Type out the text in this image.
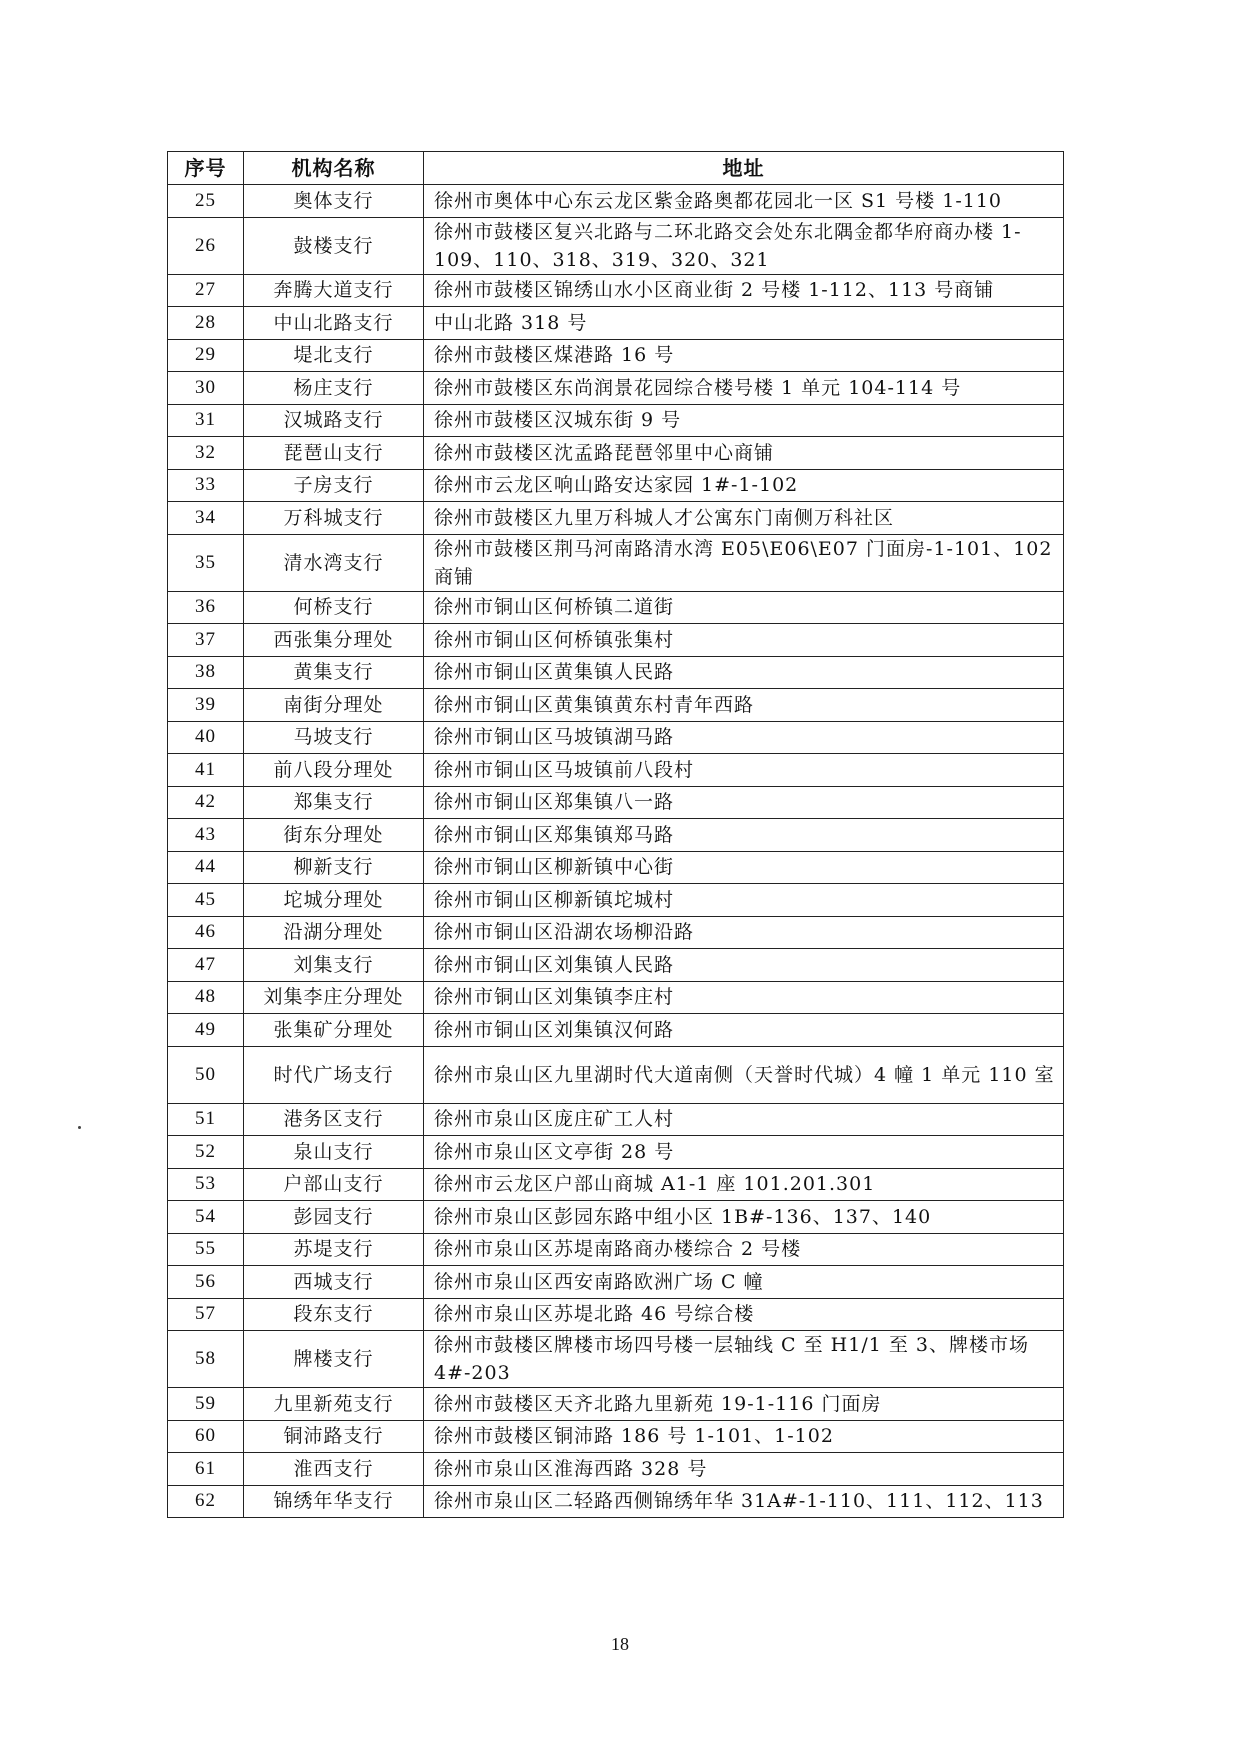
序号	机构名称	地址
25	奥体支行	徐州市奥体中心东云龙区紫金路奥都花园北一区 S1 号楼 1-110
26	鼓楼支行	徐州市鼓楼区复兴北路与二环北路交会处东北隅金都华府商办楼 1-109、110、318、319、320、321
27	奔腾大道支行	徐州市鼓楼区锦绣山水小区商业街 2 号楼 1-112、113 号商铺
28	中山北路支行	中山北路 318 号
29	堤北支行	徐州市鼓楼区煤港路 16 号
30	杨庄支行	徐州市鼓楼区东尚润景花园综合楼号楼 1 单元 104-114 号
31	汉城路支行	徐州市鼓楼区汉城东街 9 号
32	琵琶山支行	徐州市鼓楼区沈孟路琵琶邻里中心商铺
33	子房支行	徐州市云龙区响山路安达家园 1#-1-102
34	万科城支行	徐州市鼓楼区九里万科城人才公寓东门南侧万科社区
35	清水湾支行	徐州市鼓楼区荆马河南路清水湾 E05\E06\E07 门面房-1-101、102 商铺
36	何桥支行	徐州市铜山区何桥镇二道街
37	西张集分理处	徐州市铜山区何桥镇张集村
38	黄集支行	徐州市铜山区黄集镇人民路
39	南街分理处	徐州市铜山区黄集镇黄东村青年西路
40	马坡支行	徐州市铜山区马坡镇湖马路
41	前八段分理处	徐州市铜山区马坡镇前八段村
42	郑集支行	徐州市铜山区郑集镇八一路
43	街东分理处	徐州市铜山区郑集镇郑马路
44	柳新支行	徐州市铜山区柳新镇中心街
45	坨城分理处	徐州市铜山区柳新镇坨城村
46	沿湖分理处	徐州市铜山区沿湖农场柳沿路
47	刘集支行	徐州市铜山区刘集镇人民路
48	刘集李庄分理处	徐州市铜山区刘集镇李庄村
49	张集矿分理处	徐州市铜山区刘集镇汉何路
50	时代广场支行	徐州市泉山区九里湖时代大道南侧（天誉时代城）4 幢 1 单元 110 室
51	港务区支行	徐州市泉山区庞庄矿工人村
52	泉山支行	徐州市泉山区文亭街 28 号
53	户部山支行	徐州市云龙区户部山商城 A1-1 座 101.201.301
54	彭园支行	徐州市泉山区彭园东路中组小区 1B#-136、137、140
55	苏堤支行	徐州市泉山区苏堤南路商办楼综合 2 号楼
56	西城支行	徐州市泉山区西安南路欧洲广场 C 幢
57	段东支行	徐州市泉山区苏堤北路 46 号综合楼
58	牌楼支行	徐州市鼓楼区牌楼市场四号楼一层轴线 C 至 H1/1 至 3、牌楼市场 4#-203
59	九里新苑支行	徐州市鼓楼区天齐北路九里新苑 19-1-116 门面房
60	铜沛路支行	徐州市鼓楼区铜沛路 186 号 1-101、1-102
61	淮西支行	徐州市泉山区淮海西路 328 号
62	锦绣年华支行	徐州市泉山区二轻路西侧锦绣年华 31A#-1-110、111、112、113
18
